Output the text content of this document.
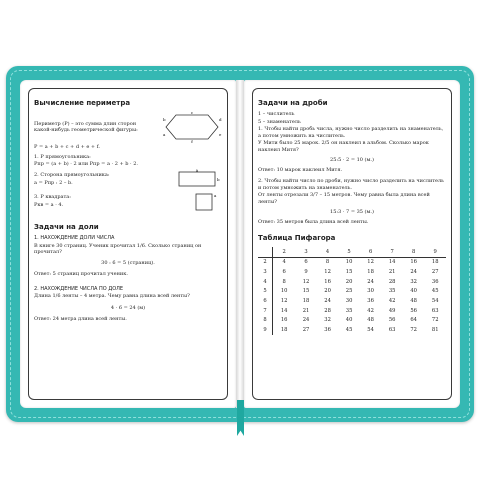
Вычисление периметра

Периметр (P) – это сумма длин сторон какой-нибудь геометрической фигуры:

c
b	d
a	e
f

P = a + b + c + d + e + f.

1. P прямоугольника:

Pпр = (a + b) · 2 или Pпр = a · 2 + b · 2.

2. Сторона прямоугольника:

a = Pпр : 2 – b.

a
b

3. P квадрата:

Pкв = a · 4.

a
Задачи на доли

1. НАХОЖДЕНИЕ ДОЛИ ЧИСЛА

В книге 30 страниц. Ученик прочитал 1/6. Сколько страниц он прочитал?

30 : 6 = 5 (страниц).

Ответ: 5 страниц прочитал ученик.

2. НАХОЖДЕНИЕ ЧИСЛА ПО ДОЛЕ

Длина 1/6 ленты – 4 метра. Чему равна длина всей ленты?

4 · 6 = 24 (м)

Ответ: 24 метра длина всей ленты.

Задачи на дроби

1 – числитель

5 – знаменатель

1. Чтобы найти дробь числа, нужно число разделить на знаменатель, а потом умножить на числитель.

У Мити было 25 марок. 2/5 он наклеил в альбом. Сколько марок наклеил Митя?

25:5 · 2 = 10 (м.)

Ответ: 10 марок наклеил Митя.

2. Чтобы найти число по дроби, нужно число разделить на числитель и потом умножить на знаменатель.

От ленты отрезали 3/7 – 15 метров. Чему равна была длина всей ленты?

15:3 · 7 = 35 (м.)

Ответ: 35 метров была длина всей ленты.

Таблица Пифагора
	2	3	4	5	6	7	8	9
2	4	6	8	10	12	14	16	18
3	6	9	12	15	18	21	24	27
4	8	12	16	20	24	28	32	36
5	10	15	20	25	30	35	40	45
6	12	18	24	30	36	42	48	54
7	14	21	28	35	42	49	56	63
8	16	24	32	40	48	56	64	72
9	18	27	36	45	54	63	72	81
